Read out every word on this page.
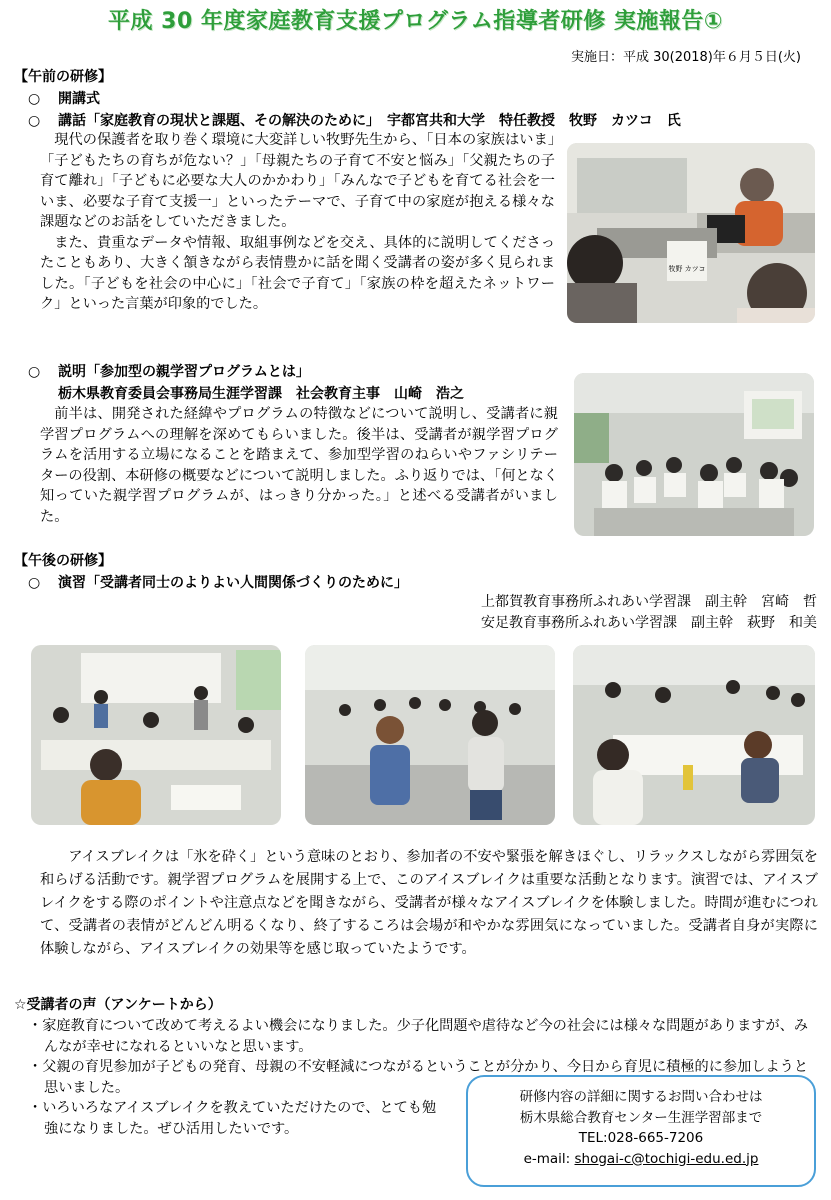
平成 30 年度家庭教育支援プログラム指導者研修 実施報告①
実施日：平成 30(2018)年６月５日(火)
【午前の研修】
○ 開講式
○ 講話「家庭教育の現状と課題、その解決のために」　宇都宮共和大学　特任教授　牧野　カツコ　氏

現代の保護者を取り巻く環境に大変詳しい牧野先生から、「日本の家族はいま」「子どもたちの育ちが危ない？」「母親たちの子育て不安と悩み」「父親たちの子育て離れ」「子どもに必要な大人のかかわり」「みんなで子どもを育てる社会を一いま、必要な子育て支援一」といったテーマで、子育て中の家庭が抱える様々な課題などのお話をしていただきました。

また、貴重なデータや情報、取組事例などを交え、具体的に説明してくださったこともあり、大きく頷きながら表情豊かに話を聞く受講者の姿が多く見られました。「子どもを社会の中心に」「社会で子育て」「家族の枠を超えたネットワーク」といった言葉が印象的でした。

牧野 カツコ
○ 説明「参加型の親学習プログラムとは」
栃木県教育委員会事務局生涯学習課　社会教育主事　山崎　浩之

前半は、開発された経緯やプログラムの特徴などについて説明し、受講者に親学習プログラムへの理解を深めてもらいました。後半は、受講者が親学習プログラムを活用する立場になることを踏まえて、参加型学習のねらいやファシリテーターの役割、本研修の概要などについて説明しました。ふり返りでは、「何となく知っていた親学習プログラムが、はっきり分かった。」と述べる受講者がいました。

【午後の研修】
○ 演習「受講者同士のよりよい人間関係づくりのために」
上都賀教育事務所ふれあい学習課　副主幹　宮崎　哲
安足教育事務所ふれあい学習課　副主幹　萩野　和美

アイスブレイクは「氷を砕く」という意味のとおり、参加者の不安や緊張を解きほぐし、リラックスしながら雰囲気を和らげる活動です。親学習プログラムを展開する上で、このアイスブレイクは重要な活動となります。演習では、アイスブレイクをする際のポイントや注意点などを聞きながら、受講者が様々なアイスブレイクを体験しました。時間が進むにつれて、受講者の表情がどんどん明るくなり、終了するころは会場が和やかな雰囲気になっていました。受講者自身が実際に体験しながら、アイスブレイクの効果等を感じ取っていたようです。

☆受講者の声（アンケートから）
・家庭教育について改めて考えるよい機会になりました。少子化問題や虐待など今の社会には様々な問題がありますが、みんなが幸せになれるといいなと思います。
・父親の育児参加が子どもの発育、母親の不安軽減につながるということが分かり、今日から育児に積極的に参加しようと思いました。
・いろいろなアイスブレイクを教えていただけたので、とても勉強になりました。ぜひ活用したいです。
研修内容の詳細に関するお問い合わせは
栃木県総合教育センター生涯学習部まで
TEL:028-665-7206
e-mail: shogai-c@tochigi-edu.ed.jp
